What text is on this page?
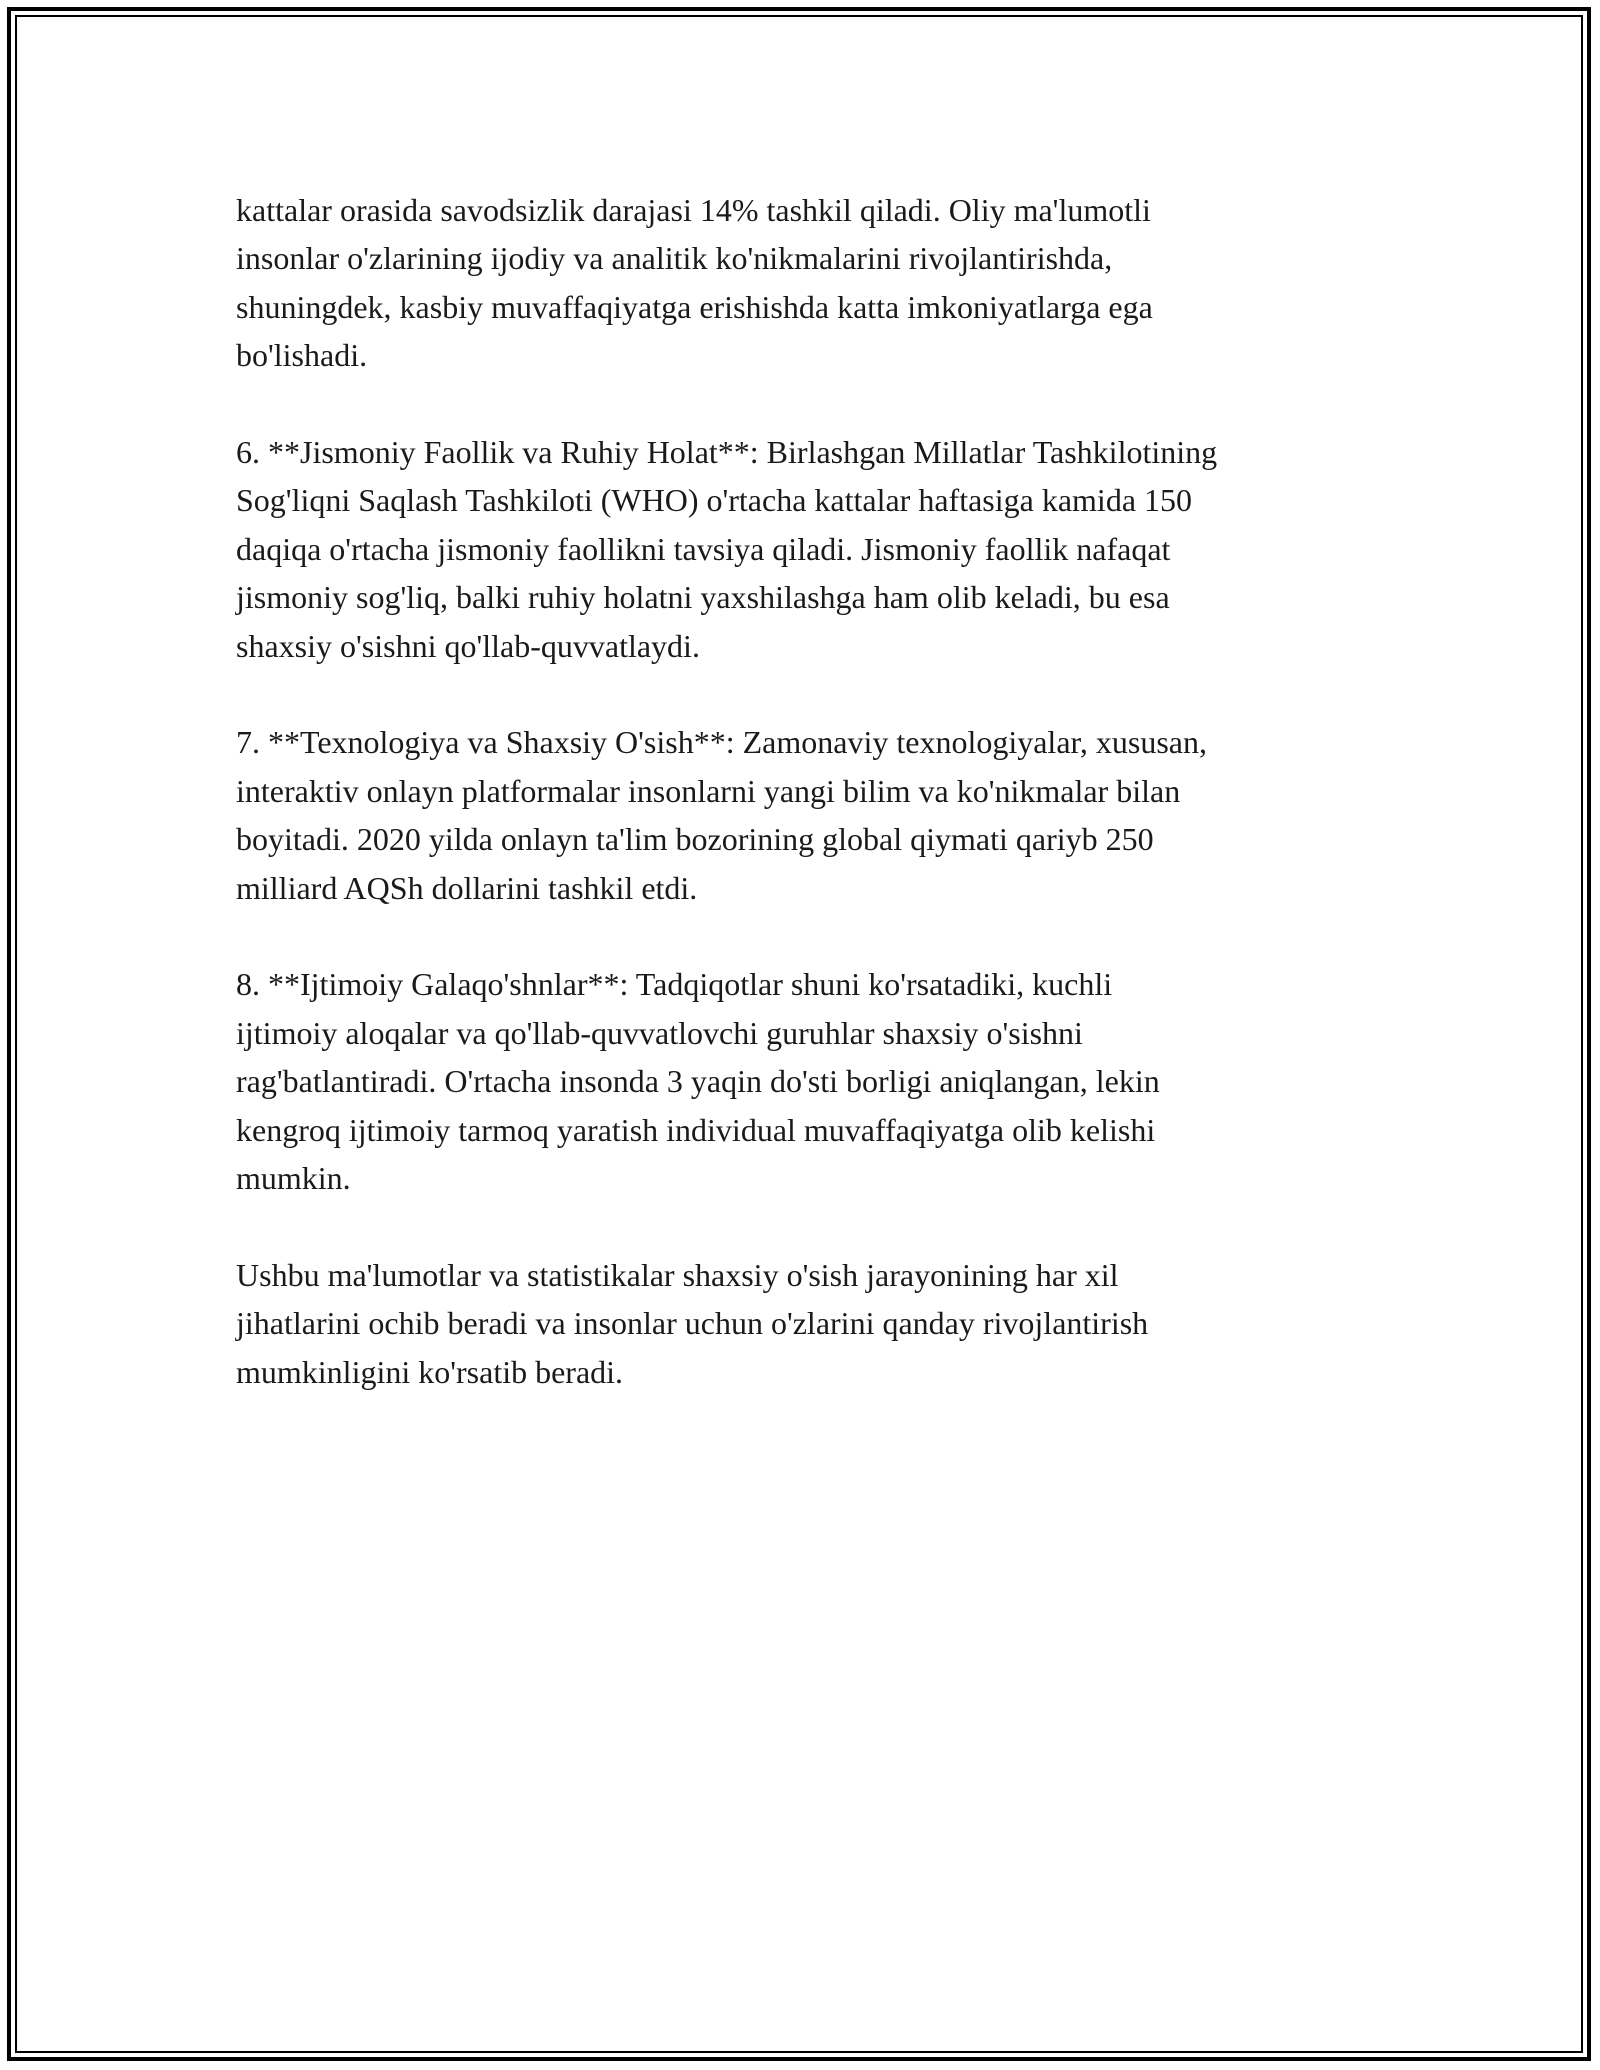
kattalar orasida savodsizlik darajasi 14% tashkil qiladi. Oliy ma'lumotli
insonlar o'zlarining ijodiy va analitik ko'nikmalarini rivojlantirishda,
shuningdek, kasbiy muvaffaqiyatga erishishda katta imkoniyatlarga ega
bo'lishadi.

6. **Jismoniy Faollik va Ruhiy Holat**: Birlashgan Millatlar Tashkilotining
Sog'liqni Saqlash Tashkiloti (WHO) o'rtacha kattalar haftasiga kamida 150
daqiqa o'rtacha jismoniy faollikni tavsiya qiladi. Jismoniy faollik nafaqat
jismoniy sog'liq, balki ruhiy holatni yaxshilashga ham olib keladi, bu esa
shaxsiy o'sishni qo'llab-quvvatlaydi.

7. **Texnologiya va Shaxsiy O'sish**: Zamonaviy texnologiyalar, xususan,
interaktiv onlayn platformalar insonlarni yangi bilim va ko'nikmalar bilan
boyitadi. 2020 yilda onlayn ta'lim bozorining global qiymati qariyb 250
milliard AQSh dollarini tashkil etdi.

8. **Ijtimoiy Galaqo'shnlar**: Tadqiqotlar shuni ko'rsatadiki, kuchli
ijtimoiy aloqalar va qo'llab-quvvatlovchi guruhlar shaxsiy o'sishni
rag'batlantiradi. O'rtacha insonda 3 yaqin do'sti borligi aniqlangan, lekin
kengroq ijtimoiy tarmoq yaratish individual muvaffaqiyatga olib kelishi
mumkin.

Ushbu ma'lumotlar va statistikalar shaxsiy o'sish jarayonining har xil
jihatlarini ochib beradi va insonlar uchun o'zlarini qanday rivojlantirish
mumkinligini ko'rsatib beradi.
